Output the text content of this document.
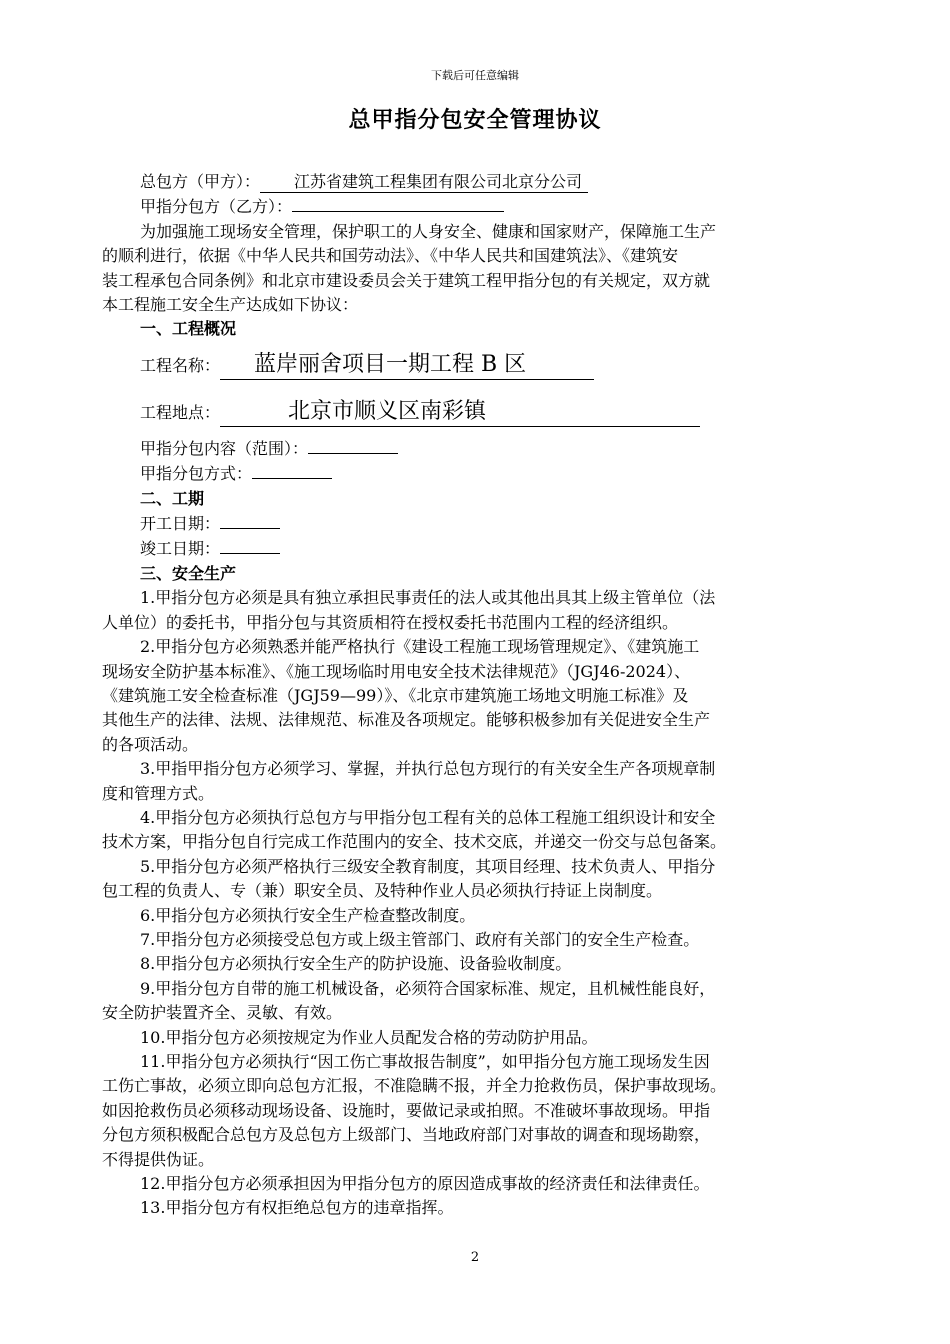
下载后可任意编辑
总甲指分包安全管理协议
总包方（甲方）： 江苏省建筑工程集团有限公司北京分公司
甲指分包方（乙方）：
为加强施工现场安全管理，保护职工的人身安全、健康和国家财产，保障施工生产
的顺利进行，依据《中华人民共和国劳动法》、《中华人民共和国建筑法》、《建筑安
装工程承包合同条例》和北京市建设委员会关于建筑工程甲指分包的有关规定，双方就
本工程施工安全生产达成如下协议：
一、工程概况
工程名称： 蓝岸丽舍项目一期工程 B 区
工程地点：	北京市顺义区南彩镇
甲指分包内容（范围）：
甲指分包方式：
二、工期
开工日期：
竣工日期：
三、安全生产
1.甲指分包方必须是具有独立承担民事责任的法人或其他出具其上级主管单位（法
人单位）的委托书，甲指分包与其资质相符在授权委托书范围内工程的经济组织。
2.甲指分包方必须熟悉并能严格执行《建设工程施工现场管理规定》、《建筑施工
现场安全防护基本标准》、《施工现场临时用电安全技术法律规范》（JGJ46-2024）、
《建筑施工安全检查标准（JGJ59—99）》、《北京市建筑施工场地文明施工标准》及
其他生产的法律、法规、法律规范、标准及各项规定。能够积极参加有关促进安全生产
的各项活动。
3.甲指甲指分包方必须学习、掌握，并执行总包方现行的有关安全生产各项规章制
度和管理方式。
4.甲指分包方必须执行总包方与甲指分包工程有关的总体工程施工组织设计和安全
技术方案，甲指分包自行完成工作范围内的安全、技术交底，并递交一份交与总包备案。
5.甲指分包方必须严格执行三级安全教育制度，其项目经理、技术负责人、甲指分
包工程的负责人、专（兼）职安全员、及特种作业人员必须执行持证上岗制度。
6.甲指分包方必须执行安全生产检查整改制度。
7.甲指分包方必须接受总包方或上级主管部门、政府有关部门的安全生产检查。
8.甲指分包方必须执行安全生产的防护设施、设备验收制度。
9.甲指分包方自带的施工机械设备，必须符合国家标准、规定，且机械性能良好，
安全防护装置齐全、灵敏、有效。
10.甲指分包方必须按规定为作业人员配发合格的劳动防护用品。
11.甲指分包方必须执行“因工伤亡事故报告制度”，如甲指分包方施工现场发生因
工伤亡事故，必须立即向总包方汇报，不准隐瞒不报，并全力抢救伤员，保护事故现场。
如因抢救伤员必须移动现场设备、设施时，要做记录或拍照。不准破坏事故现场。甲指
分包方须积极配合总包方及总包方上级部门、当地政府部门对事故的调查和现场勘察，
不得提供伪证。
12.甲指分包方必须承担因为甲指分包方的原因造成事故的经济责任和法律责任。
13.甲指分包方有权拒绝总包方的违章指挥。
2
